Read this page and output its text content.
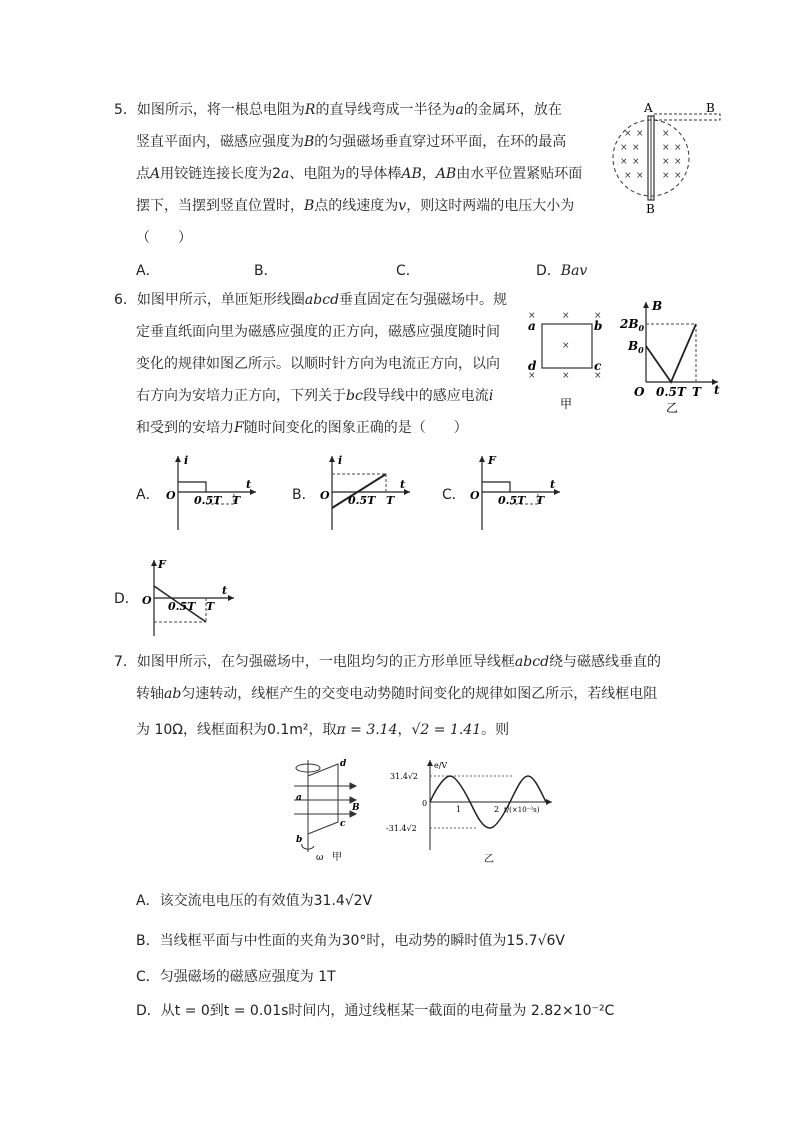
5．如图所示，将一根总电阻为R的直导线弯成一半径为a的金属环，放在
竖直平面内，磁感应强度为B的匀强磁场垂直穿过环平面，在环的最高
点A用铰链连接长度为2a、电阻为的导体棒AB，AB由水平位置紧贴环面
摆下，当摆到竖直位置时，B点的线速度为v，则这时两端的电压大小为
（　　）
A．	B．	C．	D．Bav
× × ×
× × × ×
× × × ×
× × × ×
A	B
B
6．如图甲所示，单匝矩形线圈abcd垂直固定在匀强磁场中。规
定垂直纸面向里为磁感应强度的正方向，磁感应强度随时间
变化的规律如图乙所示。以顺时针方向为电流正方向，以向
右方向为安培力正方向，下列关于bc段导线中的感应电流i
和受到的安培力F随时间变化的图象正确的是（　　）
×	×	×
×	×	×
×
a	b
c
d
甲
B
$2B_0$
$B_0$
O 0.5T T t
乙
A．
i
O 0.5T T
t
B．
i
O 0.5T T
t
C．
F
O 0.5T T
t
D．
F
O 0.5T T
t
7．如图甲所示，在匀强磁场中，一电阻均匀的正方形单匝导线框abcd绕与磁感线垂直的
转轴ab匀速转动，线框产生的交变电动势随时间变化的规律如图乙所示，若线框电阻
为 10Ω，线框面积为0.1m²，取π = 3.14，√2 = 1.41。则
a
b
c
d
B
ω 甲
e/V
31.4√2
-31.4√2
0
1	2 t/(×10⁻²s)
乙
A．该交流电电压的有效值为31.4√2V
B．当线框平面与中性面的夹角为30°时，电动势的瞬时值为15.7√6V
C．匀强磁场的磁感应强度为 1T
D．从t = 0到t = 0.01s时间内，通过线框某一截面的电荷量为 2.82×10⁻²C
